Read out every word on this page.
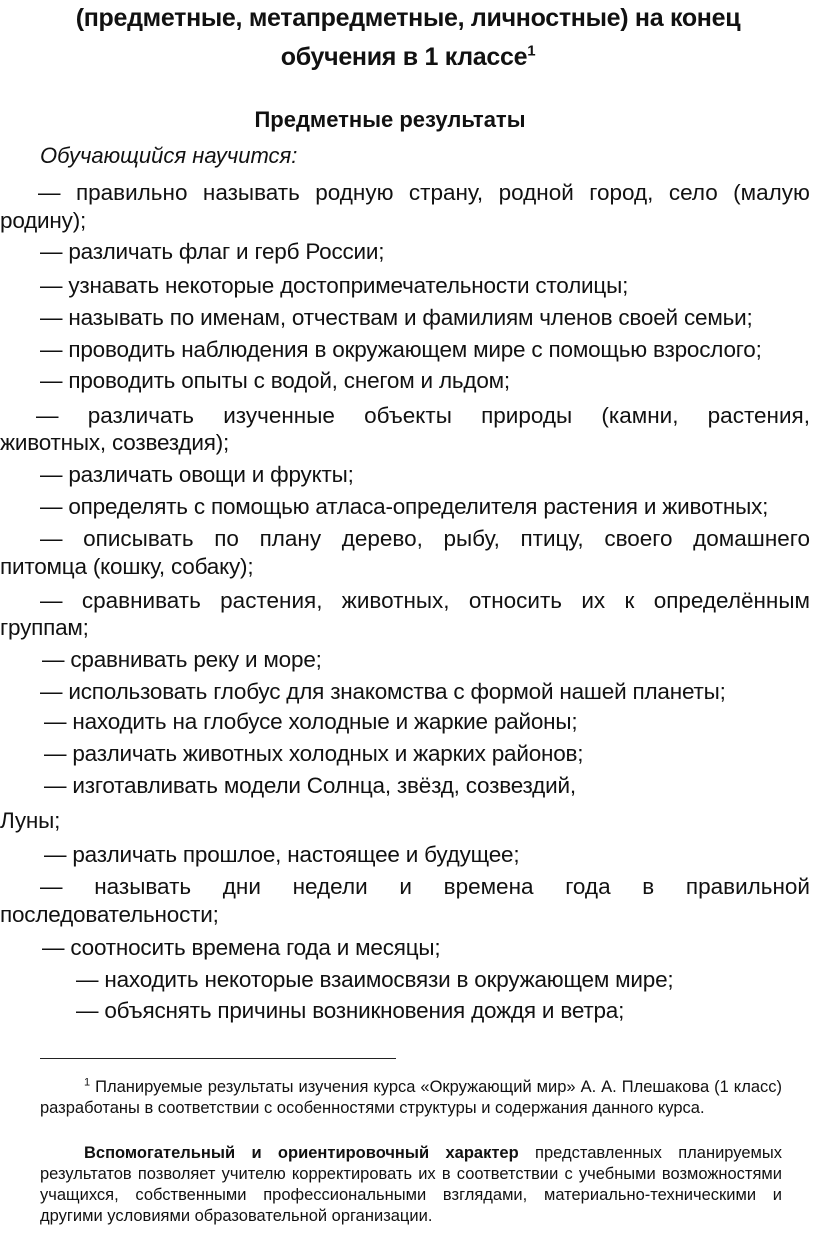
(предметные, метапредметные, личностные) на конец
обучения в 1 классе$^1$
Предметные результаты
Обучающийся научится:
— правильно называть родную страну, родной город, село (малую
родину);
— различать флаг и герб России;
— узнавать некоторые достопримечательности столицы;
— называть по именам, отчествам и фамилиям членов своей семьи;
— проводить наблюдения в окружающем мире с помощью взрослого;
— проводить опыты с водой, снегом и льдом;
— различать изученные объекты природы (камни, растения,
животных, созвездия);
— различать овощи и фрукты;
— определять с помощью атласа-определителя растения и животных;
— описывать по плану дерево, рыбу, птицу, своего домашнего
питомца (кошку, собаку);
— сравнивать растения, животных, относить их к определённым
группам;
— сравнивать реку и море;
— использовать глобус для знакомства с формой нашей планеты;
— находить на глобусе холодные и жаркие районы;
— различать животных холодных и жарких районов;
— изготавливать модели Солнца, звёзд, созвездий,
Луны;
— различать прошлое, настоящее и будущее;
— называть дни недели и времена года в правильной
последовательности;
— соотносить времена года и месяцы;
— находить некоторые взаимосвязи в окружающем мире;
— объяснять причины возникновения дождя и ветра;
$^1$ Планируемые результаты изучения курса «Окружающий мир» А. А. Плешакова (1 класс) разработаны в соответствии с особенностями структуры и содержания данного курса.
Вспомогательный и ориентировочный характер представленных планируемых результатов позволяет учителю корректировать их в соответствии с учебными возможностями учащихся, собственными профессиональными взглядами, материально-техническими и другими условиями образовательной организации.
